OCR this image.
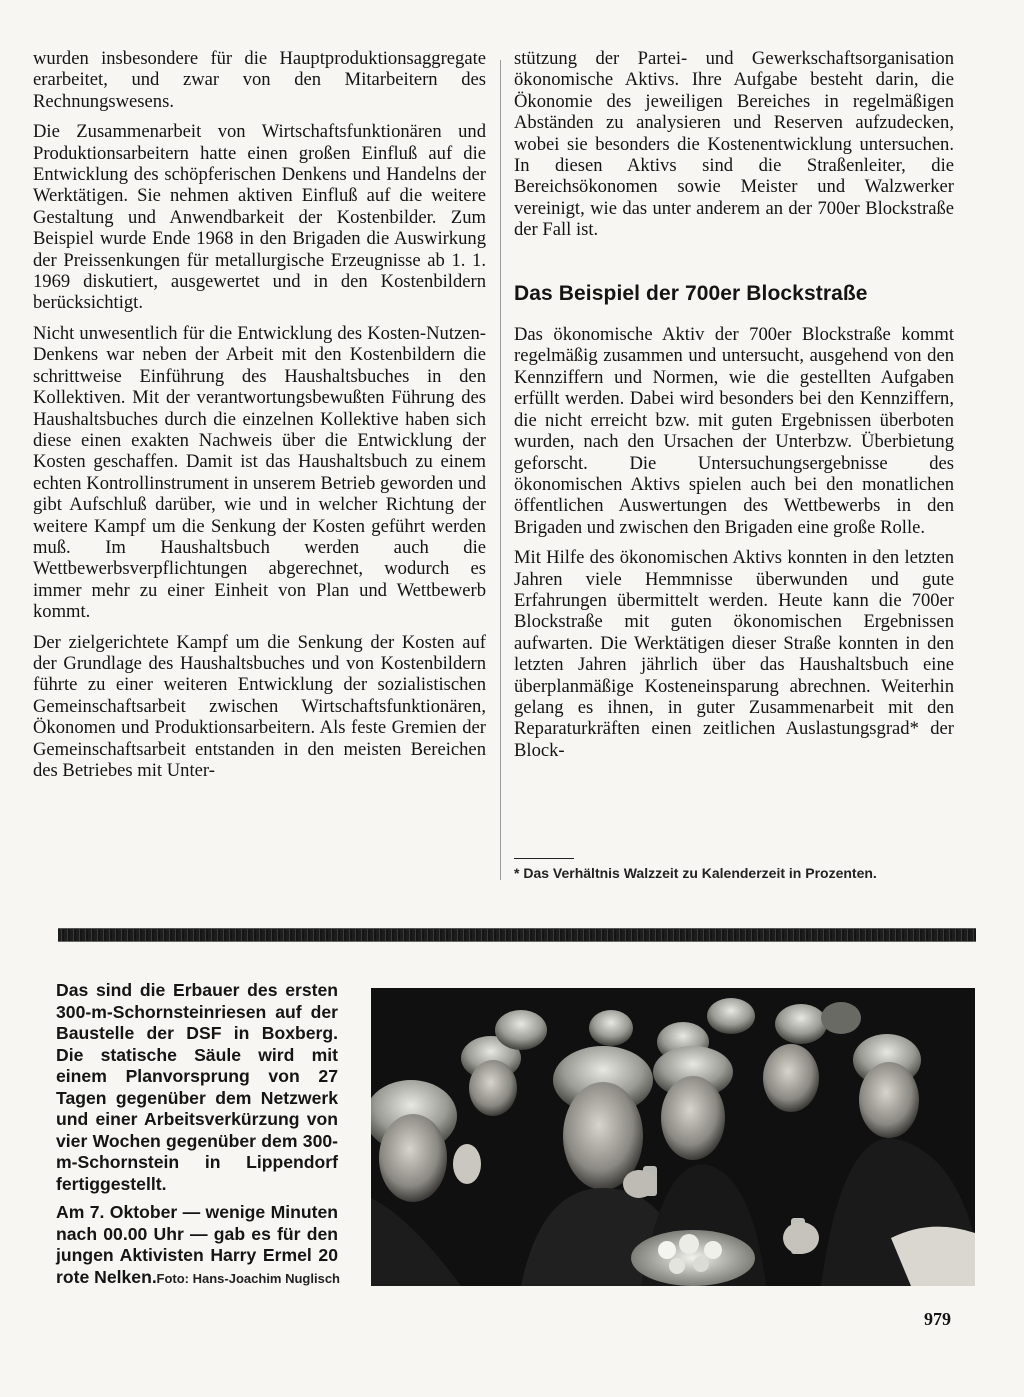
wurden insbesondere für die Hauptproduktionsaggregate erarbeitet, und zwar von den Mitarbeitern des Rechnungswesens.

Die Zusammenarbeit von Wirtschaftsfunktionären und Produktionsarbeitern hatte einen großen Einfluß auf die Entwicklung des schöpferischen Denkens und Handelns der Werktätigen. Sie nehmen aktiven Einfluß auf die weitere Gestaltung und Anwendbarkeit der Kostenbilder. Zum Beispiel wurde Ende 1968 in den Brigaden die Auswirkung der Preissenkungen für metallurgische Erzeugnisse ab 1. 1. 1969 diskutiert, ausgewertet und in den Kostenbildern berücksichtigt.

Nicht unwesentlich für die Entwicklung des Kosten-Nutzen-Denkens war neben der Arbeit mit den Kostenbildern die schrittweise Einführung des Haushaltsbuches in den Kollektiven. Mit der verantwortungsbewußten Führung des Haushaltsbuches durch die einzelnen Kollektive haben sich diese einen exakten Nachweis über die Entwicklung der Kosten geschaffen. Damit ist das Haushaltsbuch zu einem echten Kontrollinstrument in unserem Betrieb geworden und gibt Aufschluß darüber, wie und in welcher Richtung der weitere Kampf um die Senkung der Kosten geführt werden muß. Im Haushaltsbuch werden auch die Wettbewerbsverpflichtungen abgerechnet, wodurch es immer mehr zu einer Einheit von Plan und Wettbewerb kommt.

Der zielgerichtete Kampf um die Senkung der Kosten auf der Grundlage des Haushaltsbuches und von Kostenbildern führte zu einer weiteren Entwicklung der sozialistischen Gemeinschaftsarbeit zwischen Wirtschaftsfunktionären, Ökonomen und Produktionsarbeitern. Als feste Gremien der Gemeinschaftsarbeit entstanden in den meisten Bereichen des Betriebes mit Unter-

stützung der Partei- und Gewerkschaftsorganisation ökonomische Aktivs. Ihre Aufgabe besteht darin, die Ökonomie des jeweiligen Bereiches in regelmäßigen Abständen zu analysieren und Reserven aufzudecken, wobei sie besonders die Kostenentwicklung untersuchen. In diesen Aktivs sind die Straßenleiter, die Bereichsökonomen sowie Meister und Walzwerker vereinigt, wie das unter anderem an der 700er Blockstraße der Fall ist.

Das Beispiel der 700er Blockstraße

Das ökonomische Aktiv der 700er Blockstraße kommt regelmäßig zusammen und untersucht, ausgehend von den Kennziffern und Normen, wie die gestellten Aufgaben erfüllt werden. Dabei wird besonders bei den Kennziffern, die nicht erreicht bzw. mit guten Ergebnissen überboten wurden, nach den Ursachen der Unterbzw. Überbietung geforscht. Die Untersuchungsergebnisse des ökonomischen Aktivs spielen auch bei den monatlichen öffentlichen Auswertungen des Wettbewerbs in den Brigaden und zwischen den Brigaden eine große Rolle.

Mit Hilfe des ökonomischen Aktivs konnten in den letzten Jahren viele Hemmnisse überwunden und gute Erfahrungen übermittelt werden. Heute kann die 700er Blockstraße mit guten ökonomischen Ergebnissen aufwarten. Die Werktätigen dieser Straße konnten in den letzten Jahren jährlich über das Haushaltsbuch eine überplanmäßige Kosteneinsparung abrechnen. Weiterhin gelang es ihnen, in guter Zusammenarbeit mit den Reparaturkräften einen zeitlichen Auslastungsgrad* der Block-

* Das Verhältnis Walzzeit zu Kalenderzeit in Prozenten.

Das sind die Erbauer des ersten 300-m-Schornsteinriesen auf der Baustelle der DSF in Boxberg. Die statische Säule wird mit einem Planvorsprung von 27 Tagen gegenüber dem Netzwerk und einer Arbeitsverkürzung von vier Wochen gegenüber dem 300-m-Schornstein in Lippendorf fertiggestellt.

Am 7. Oktober — wenige Minuten nach 00.00 Uhr — gab es für den jungen Aktivisten Harry Ermel 20 rote Nelken. Foto: Hans-Joachim Nuglisch
979
